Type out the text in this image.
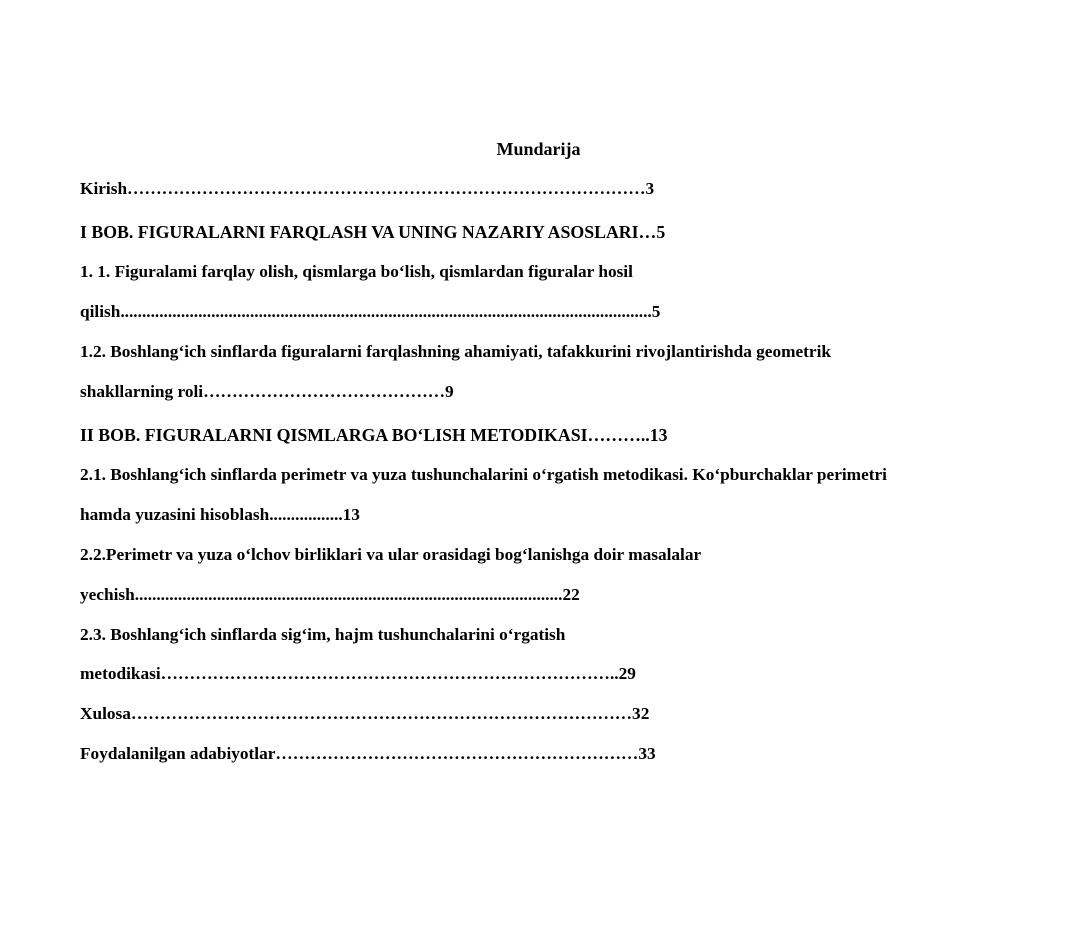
Mundarija
Kirish………………………………………………………………………………3
I BOB. FIGURALARNI FARQLASH VA UNING NAZARIY ASOSLARI…5
1. 1. Figuralami farqlay olish, qismlarga bo‘lish, qismlardan figuralar hosil
qilish...........................................................................................................................5
1.2. Boshlang‘ich sinflarda figuralarni farqlashning ahamiyati, tafakkurini rivojlantirishda geometrik
shakllarning roli……………………………………9
II BOB. FIGURALARNI QISMLARGA BO‘LISH METODIKASI………..13
2.1. Boshlang‘ich sinflarda perimetr va yuza tushunchalarini o‘rgatish metodikasi. Ko‘pburchaklar perimetri
hamda yuzasini hisoblash.................13
2.2.Perimetr va yuza o‘lchov birliklari va ular orasidagi bog‘lanishga doir masalalar
yechish...................................................................................................22
2.3. Boshlang‘ich sinflarda sig‘im, hajm tushunchalarini o‘rgatish
metodikasi……………………………………………………………………..29
Xulosa……………………………………………………………………………32
Foydalanilgan adabiyotlar………………………………………………………33
